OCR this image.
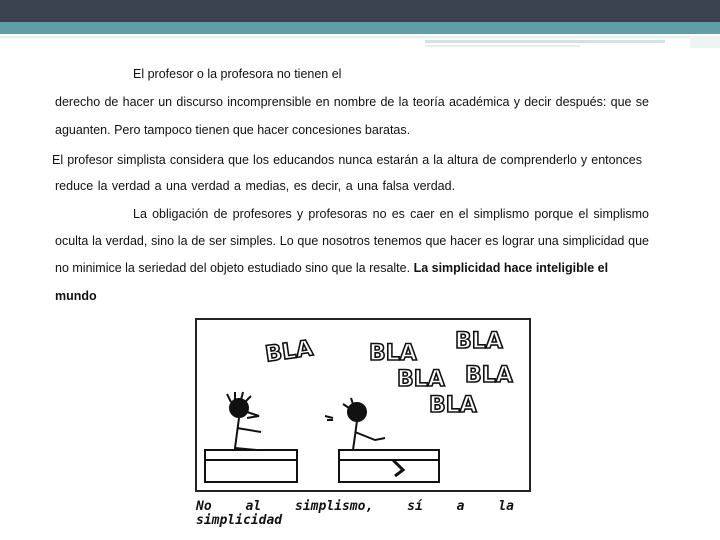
El profesor o la profesora no tienen el
derecho de hacer un discurso incomprensible en nombre de la teoría académica y decir después: que se
aguanten. Pero tampoco tienen que hacer concesiones baratas.
El profesor simplista considera que los educandos nunca estarán a la altura de comprenderlo y entonces
reduce la verdad a una verdad a medias, es decir, a una falsa verdad.
La obligación de profesores y profesoras no es caer en el simplismo porque el simplismo
oculta la verdad, sino la de ser simples. Lo que nosotros tenemos que hacer es lograr una simplicidad que
no minimice la seriedad del objeto estudiado sino que la resalte. La simplicidad hace inteligible el
mundo
BLA BLA BLA
BLA BLA
BLA
No al simplismo, sí a la
simplicidad
